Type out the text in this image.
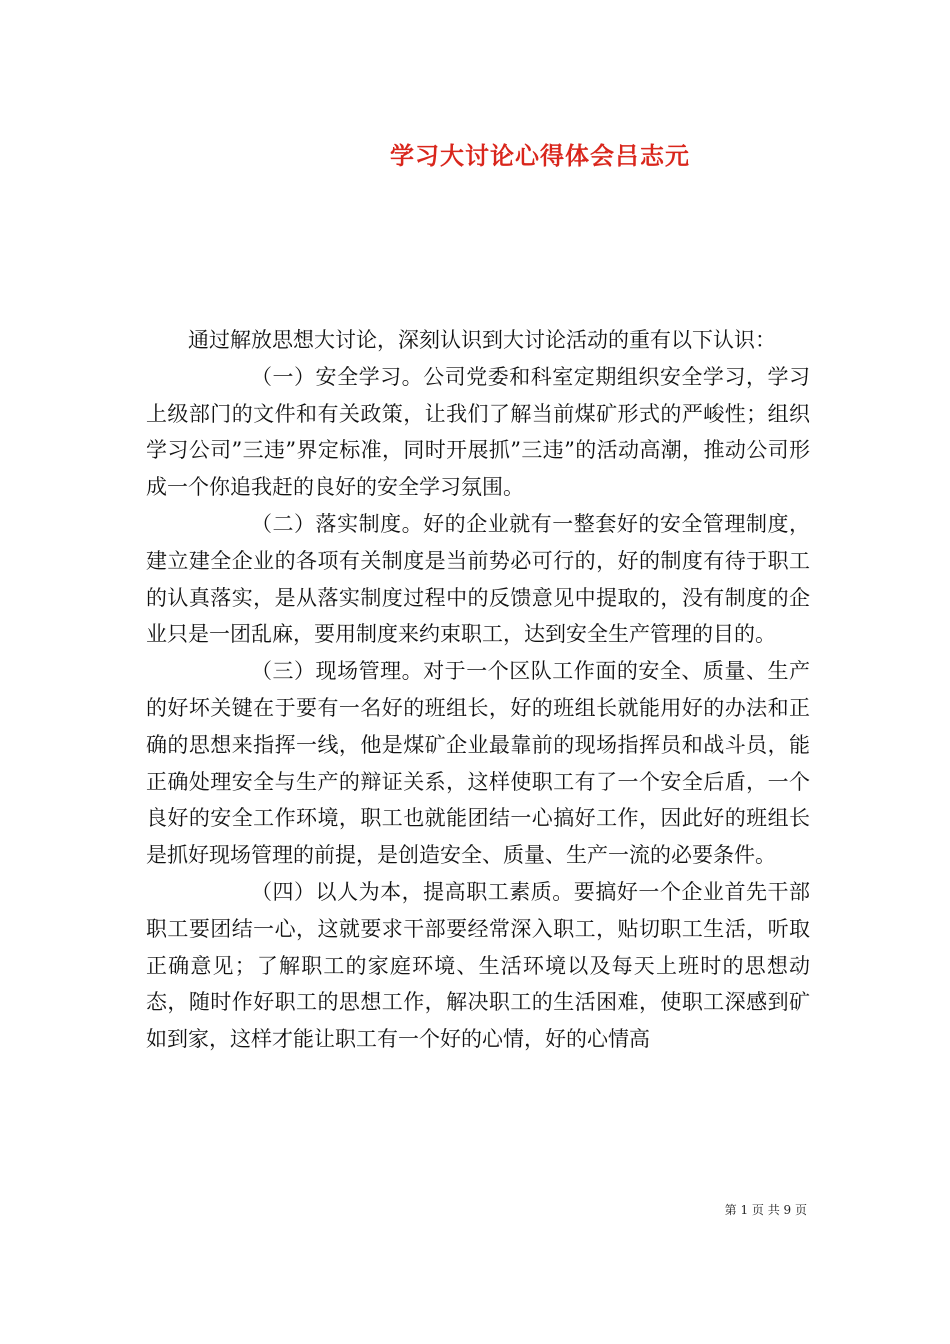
学习大讨论心得体会吕志元

通过解放思想大讨论，深刻认识到大讨论活动的重有以下认识：

（一）安全学习。公司党委和科室定期组织安全学习，学习上级部门的文件和有关政策，让我们了解当前煤矿形式的严峻性；组织学习公司”三违”界定标准，同时开展抓”三违”的活动高潮，推动公司形成一个你追我赶的良好的安全学习氛围。

（二）落实制度。好的企业就有一整套好的安全管理制度，建立建全企业的各项有关制度是当前势必可行的，好的制度有待于职工的认真落实，是从落实制度过程中的反馈意见中提取的，没有制度的企业只是一团乱麻，要用制度来约束职工，达到安全生产管理的目的。

（三）现场管理。对于一个区队工作面的安全、质量、生产的好坏关键在于要有一名好的班组长，好的班组长就能用好的办法和正确的思想来指挥一线，他是煤矿企业最靠前的现场指挥员和战斗员，能正确处理安全与生产的辩证关系，这样使职工有了一个安全后盾，一个良好的安全工作环境，职工也就能团结一心搞好工作，因此好的班组长是抓好现场管理的前提，是创造安全、质量、生产一流的必要条件。

（四）以人为本，提高职工素质。要搞好一个企业首先干部职工要团结一心，这就要求干部要经常深入职工，贴切职工生活，听取正确意见；了解职工的家庭环境、生活环境以及每天上班时的思想动态，随时作好职工的思想工作，解决职工的生活困难，使职工深感到矿如到家，这样才能让职工有一个好的心情，好的心情高

第 1 页 共 9 页
